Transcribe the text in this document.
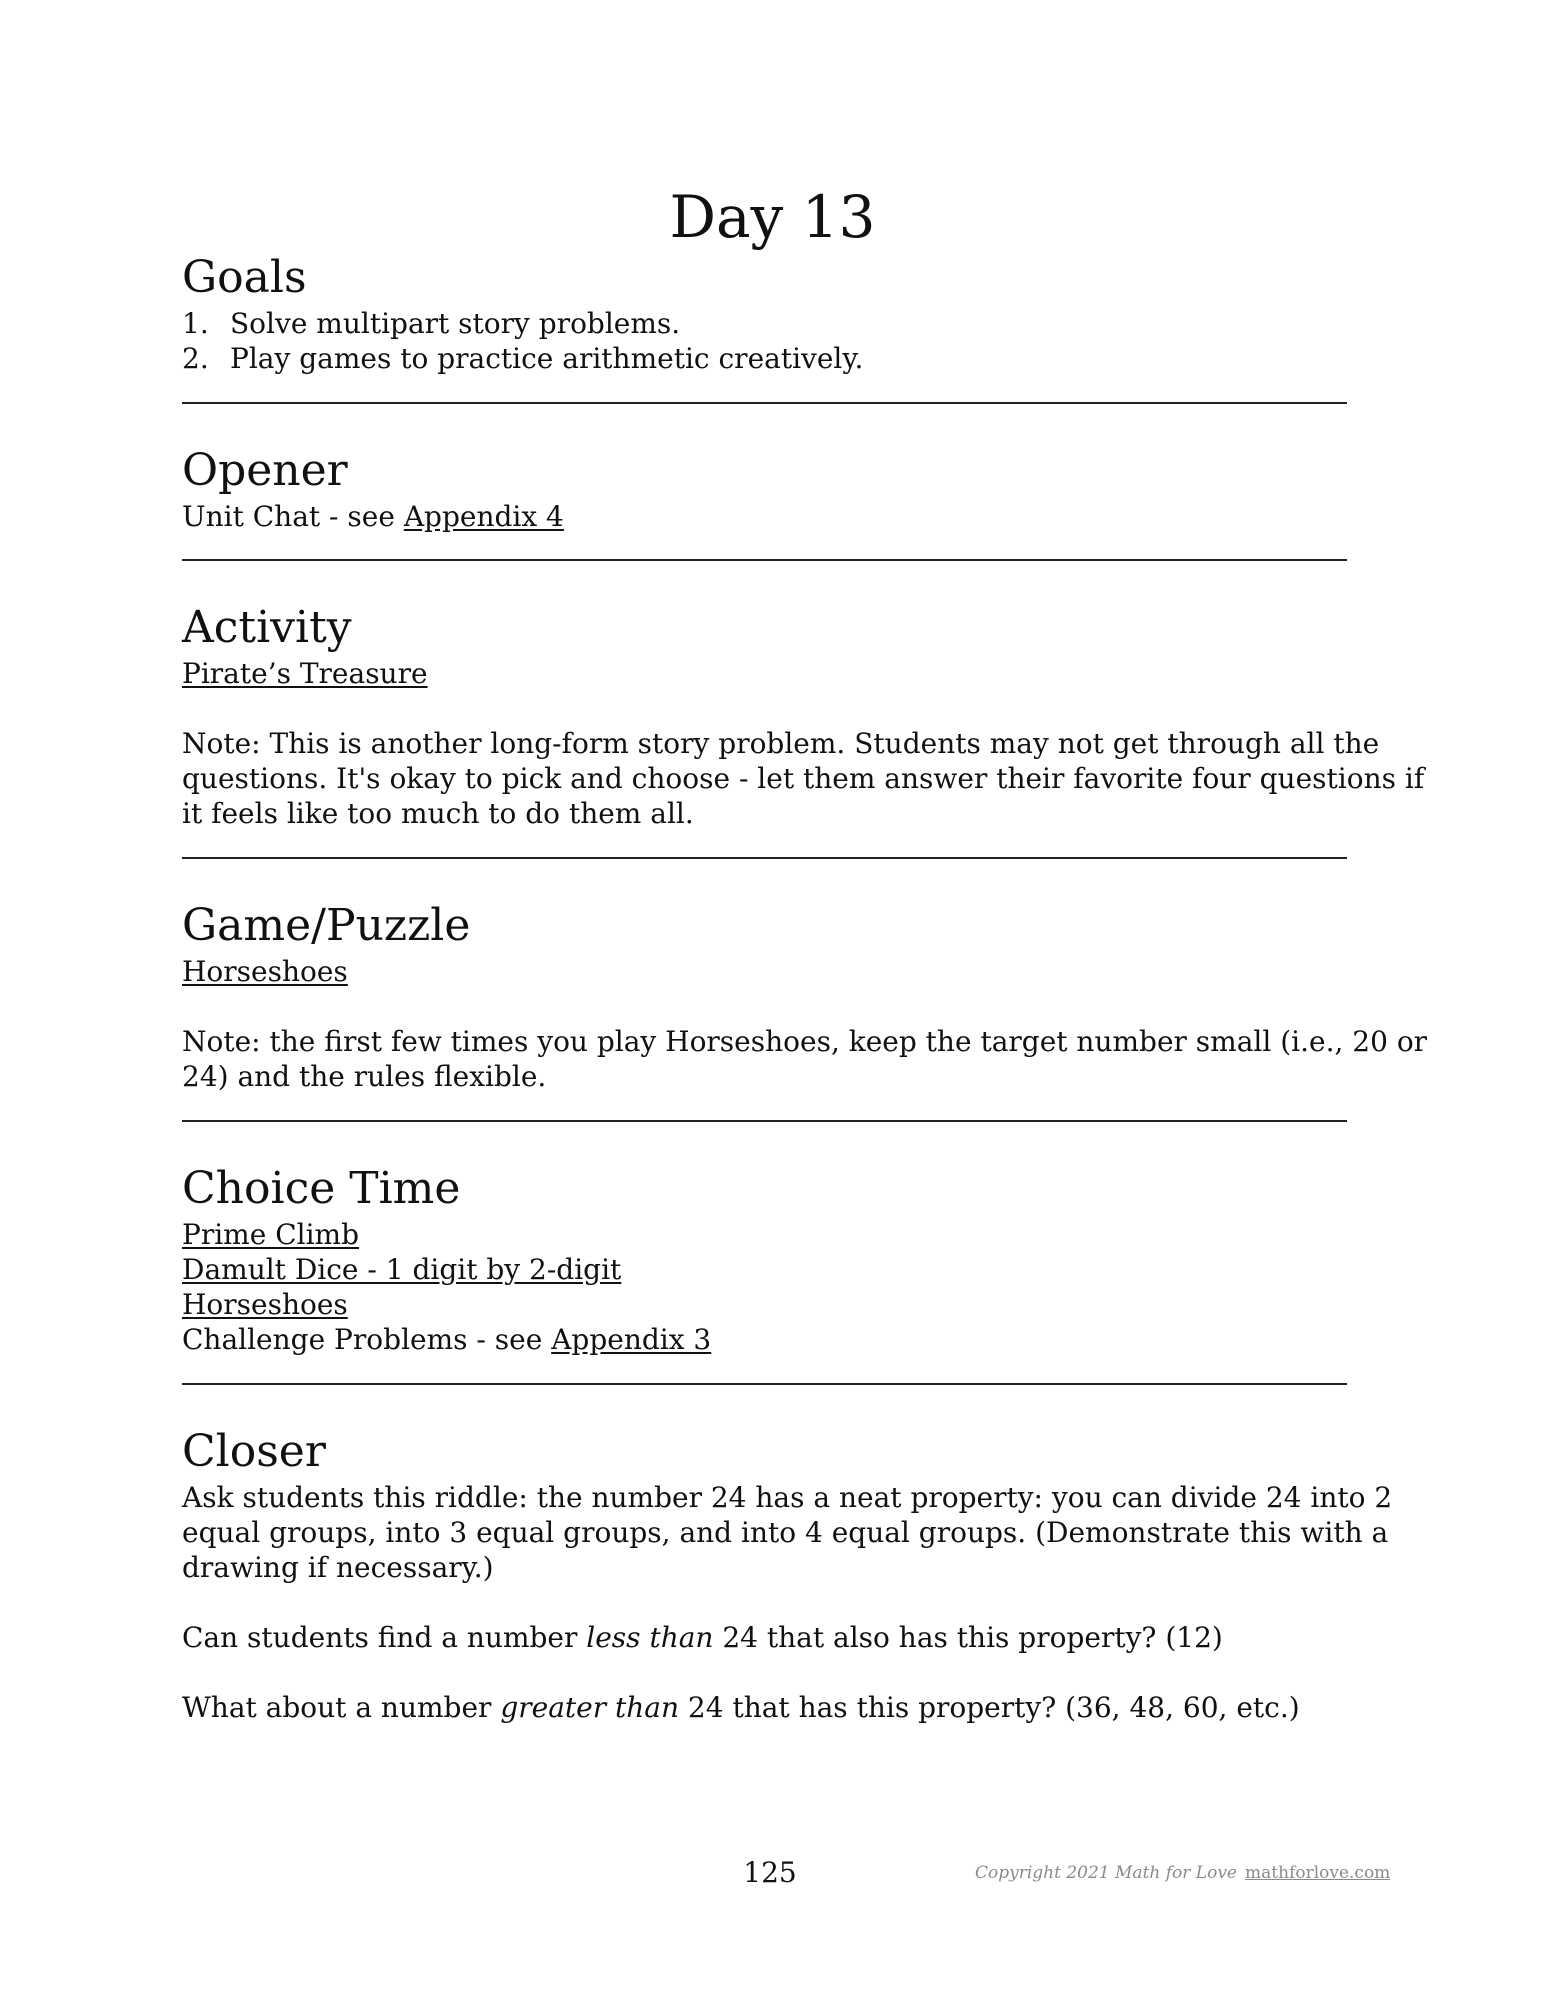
Day 13
Goals

1. Solve multipart story problems.

2. Play games to practice arithmetic creatively.

Opener

Unit Chat - see Appendix 4

Activity

Pirate’s Treasure

Note: This is another long-form story problem. Students may not get through all the

questions. It's okay to pick and choose - let them answer their favorite four questions if

it feels like too much to do them all.

Game/Puzzle

Horseshoes

Note: the first few times you play Horseshoes, keep the target number small (i.e., 20 or

24) and the rules flexible.

Choice Time

Prime Climb

Damult Dice - 1 digit by 2-digit

Horseshoes

Challenge Problems - see Appendix 3

Closer

Ask students this riddle: the number 24 has a neat property: you can divide 24 into 2

equal groups, into 3 equal groups, and into 4 equal groups. (Demonstrate this with a

drawing if necessary.)

Can students find a number less than 24 that also has this property? (12)

What about a number greater than 24 that has this property? (36, 48, 60, etc.)

125	Copyright 2021 Math for Love mathforlove.com
